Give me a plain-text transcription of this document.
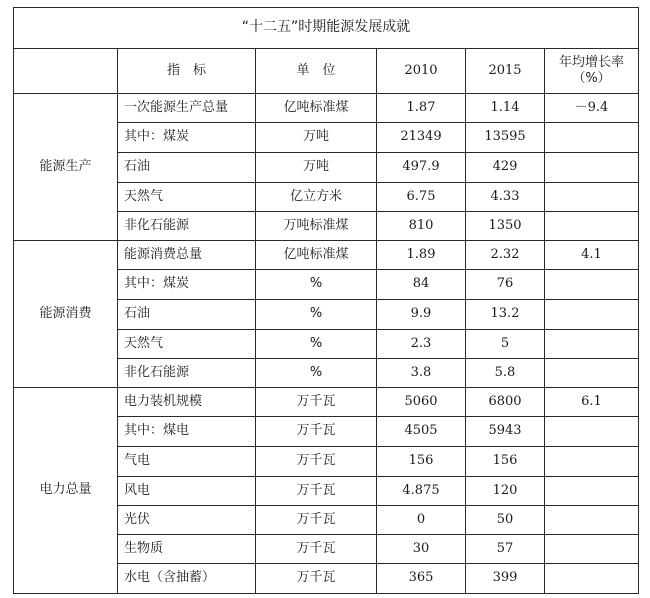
“十二五”时期能源发展成就					
	指　标	单　位	2010	2015	年均增长率
（%）

能源生产	一次能源生产总量	亿吨标准煤	1.87	1.14	－9.4
	其中：煤炭	万吨	21349	13595	
	石油	万吨	497.9	429	
	天然气	亿立方米	6.75	4.33	
	非化石能源	万吨标准煤	810	1350	
能源消费	能源消费总量	亿吨标准煤	1.89	2.32	4.1
	其中：煤炭	%	84	76	
	石油	%	9.9	13.2	
	天然气	%	2.3	5	
	非化石能源	%	3.8	5.8	
电力总量	电力装机规模	万千瓦	5060	6800	6.1
	其中：煤电	万千瓦	4505	5943	
	气电	万千瓦	156	156	
	风电	万千瓦	4.875	120	
	光伏	万千瓦	0	50	
	生物质	万千瓦	30	57	
	水电（含抽蓄）	万千瓦	365	399	
